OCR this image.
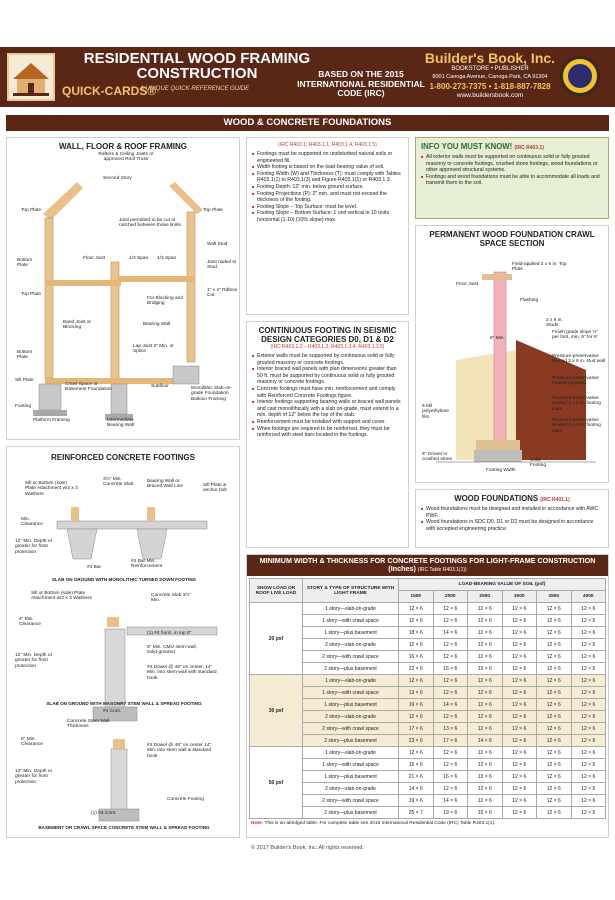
RESIDENTIAL WOOD FRAMING
CONSTRUCTION
QUICK-CARDS®
A UNIQUE QUICK-REFERENCE GUIDE
BASED ON THE 2015 INTERNATIONAL RESIDENTIAL CODE (IRC)
Builder's Book, Inc.
BOOKSTORE • PUBLISHER
8001 Canoga Avenue, Canoga Park, CA 91304
1-800-273-7375 • 1-818-887-7828
www.buildersbook.com
WOOD & CONCRETE FOUNDATIONS
WALL, FLOOR & ROOF FRAMING
Rafters & Ceiling Joists or approved Roof Truss
Second Story
Top Plate	Top Plate
Joist permitted to be cut or notched between those limits
Wall Stud
Bottom Plate
Floor Joist	1/3 Span 1/3 Span
Joist nailed to Stud
Top Plate
For Blocking and Bridging
1" x 4" Ribbon Cut
Band Joist or Blocking
Bearing Wall
Bottom Plate
Lap Joist 3" Min. or Splice
Sill Plate
Crawl Space or Basement Foundation
Subfloor	Monolithic Slab-on-grade Foundation Balloon Framing
Footing
Platform Framing	Intermediate Bearing Wall
(IRC R403.1, R403.1.1, R403.1.4, R403.1.5)
■ Footings must be supported on undisturbed natural soils or engineered fill.
■ Width footing is based on the load-bearing value of soil.
■ Footing Width (W) and Thickness (T): must comply with Tables R403.1(1) to R403.1(3) and Figure R403.1(1) or R403.1.3.
■ Footing Depth: 12" min. below ground surface.
■ Footing Projections (P): 2" min. and must not exceed the thickness of the footing.
■ Footing Slope – Top Surface: must be level.
■ Footing Slope – Bottom Surface: 1 unit vertical in 10 units horizontal (1:10) (10% slope) max.
INFO YOU MUST KNOW! (IRC R403.1)
■ All exterior walls must be supported on continuous solid or fully grouted masonry or concrete footings, crushed stone footings, wood foundations or other approved structural systems.
■ Footings and wood foundations must be able to accommodate all loads and transmit them to the soil.
PERMANENT WOOD FOUNDATION CRAWL SPACE SECTION
Field-applied 2 x 6 in. Top Plate
Floor Joist
Flashing
2 x 6 in. Studs
Finish grade slope ½" per foot, min. 6" for 6'
8" Min.
Pressure-preservative treated 2 x 6 in. stud wall
Pressure-preservative treated plywood
6 Mil polyethylene film
Pressure-preservative treated 2 x 6 in. footing plate
Pressure-preservative treated 2 x 6 in. footing plate
6" Gravel or crushed stone
Footing Width
Solid Footing
CONTINUOUS FOOTING IN SEISMIC DESIGN CATEGORIES D0, D1 & D2
(IRC R403.1.2 – R403.1.3, R403.1.3.4, R403.1.3.5)
■ Exterior walls must be supported by continuous solid or fully grouted masonry or concrete footings.
■ Interior braced wall panels with plan dimensions greater than 50 ft. must be supported by continuous solid or fully grouted masonry or concrete footings.
■ Concrete footings must have min. reinforcement and comply with Reinforced Concrete Footings figure.
■ Interior footings supporting bearing walls or braced wall panels and cast monolithically with a slab on-grade, must extend to a min. depth of 12" below the top of the slab.
■ Reinforcement must be installed with support and cover.
■ When footings are required to be reinforced, they must be reinforced with steel bars located in the footings.
REINFORCED CONCRETE FOOTINGS
Sill or Bottom (sole) Plate Attachment w/2 x 3 Washers
3½" Min. Concrete Slab
Bearing Wall or Braced Wall Line	Sill Plate & anchor bolt
Min. Clearance
12" Min. Depth or greater for frost protection
#4 Bar
#4 Bar Min. Reinforcement
SLAB ON GROUND WITH MONOLITHIC TURNED DOWN FOOTING
Sill or Bottom (sole) Plate Attachment w/2 x 3 Washers
Concrete Slab 3½" Min.
4" Min. Clearance
(1) #4 horiz. in top 8"
8" Min. CMU stem-wall, solid-grouted
12" Min. Depth or greater for frost protection	#4 Dowel @ 48" on center, 14" Min. into stem-wall with standard hook
#4 Cont.
SLAB ON GROUND WITH MASONRY STEM WALL & SPREAD FOOTING
Concrete Stem Wall Thickness
6" Min. Clearance	#4 Dowel @ 48" on center 14" Min. into stem wall & standard hook
12" Min. Depth or greater for frost protection
Concrete Footing
(1) #4 Cont.
BASEMENT OR CRAWL SPACE CONCRETE STEM WALL & SPREAD FOOTING
WOOD FOUNDATIONS (IRC R401.1)
■ Wood foundations must be designed and installed in accordance with AWC PWF.
■ Wood foundations in SDC D0, D1 or D2 must be designed in accordance with accepted engineering practice.
MINIMUM WIDTH & THICKNESS FOR CONCRETE FOOTINGS FOR LIGHT-FRAME CONSTRUCTION (Inches) (IRC Table R403.1(1))
SNOW LOAD OR ROOF LIVE LOAD	STORY & TYPE OF STRUCTURE WITH LIGHT FRAME	LOAD-BEARING VALUE OF SOIL (psf)					
		1500	2000	2500	3000	3500	4000
20 psf	1 story—slab-on-grade	12 × 6	12 × 6	12 × 6	12 × 6	12 × 6	12 × 6
	1 story—with crawl space	12 × 6	12 × 6	12 × 6	12 × 6	12 × 6	12 × 6
	1 story—plus basement	18 × 6	14 × 6	12 × 6	12 × 6	12 × 6	12 × 6
	2 story—slab-on-grade	12 × 6	12 × 6	12 × 6	12 × 6	12 × 6	12 × 6
	2 story—with crawl space	16 × 6	12 × 6	12 × 6	12 × 6	12 × 6	12 × 6
	2 story—plus basement	22 × 6	16 × 6	13 × 6	12 × 6	12 × 6	12 × 6
30 psf	1 story—slab-on-grade	12 × 6	12 × 6	12 × 6	12 × 6	12 × 6	12 × 6
	1 story—with crawl space	13 × 6	12 × 6	12 × 6	12 × 6	12 × 6	12 × 6
	1 story—plus basement	19 × 6	14 × 6	12 × 6	12 × 6	12 × 6	12 × 6
	2 story—slab-on-grade	12 × 6	12 × 6	12 × 6	12 × 6	12 × 6	12 × 6
	2 story—with crawl space	17 × 6	13 × 6	12 × 6	12 × 6	12 × 6	12 × 6
	2 story—plus basement	23 × 6	17 × 6	14 × 6	12 × 6	12 × 6	12 × 6
50 psf	1 story—slab-on-grade	12 × 6	12 × 6	12 × 6	12 × 6	12 × 6	12 × 6
	1 story—with crawl space	16 × 6	12 × 6	12 × 6	12 × 6	12 × 6	12 × 6
	1 story—plus basement	21 × 6	16 × 6	13 × 6	12 × 6	12 × 6	12 × 6
	2 story—slab-on-grade	14 × 6	12 × 6	12 × 6	12 × 6	12 × 6	12 × 6
	2 story—with crawl space	19 × 6	14 × 6	12 × 6	12 × 6	12 × 6	12 × 6
	2 story—plus basement	25 × 7	19 × 6	15 × 6	12 × 6	12 × 6	12 × 6
Note: This is an abridged table. For complete table see 2015 International Residential Code (IRC) Table R403.1(1).
© 2017 Builder's Book, Inc. All rights reserved.
